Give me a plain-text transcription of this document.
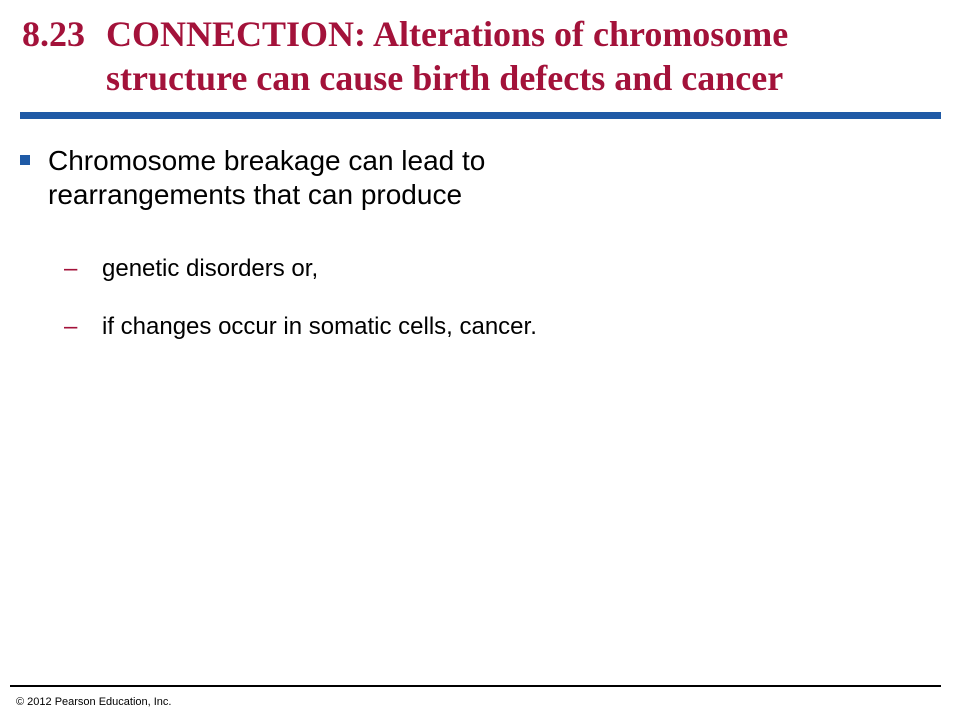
8.23 CONNECTION: Alterations of chromosome
structure can cause birth defects and cancer
Chromosome breakage can lead to
rearrangements that can produce
–	genetic disorders or,
–	if changes occur in somatic cells, cancer.
© 2012 Pearson Education, Inc.
